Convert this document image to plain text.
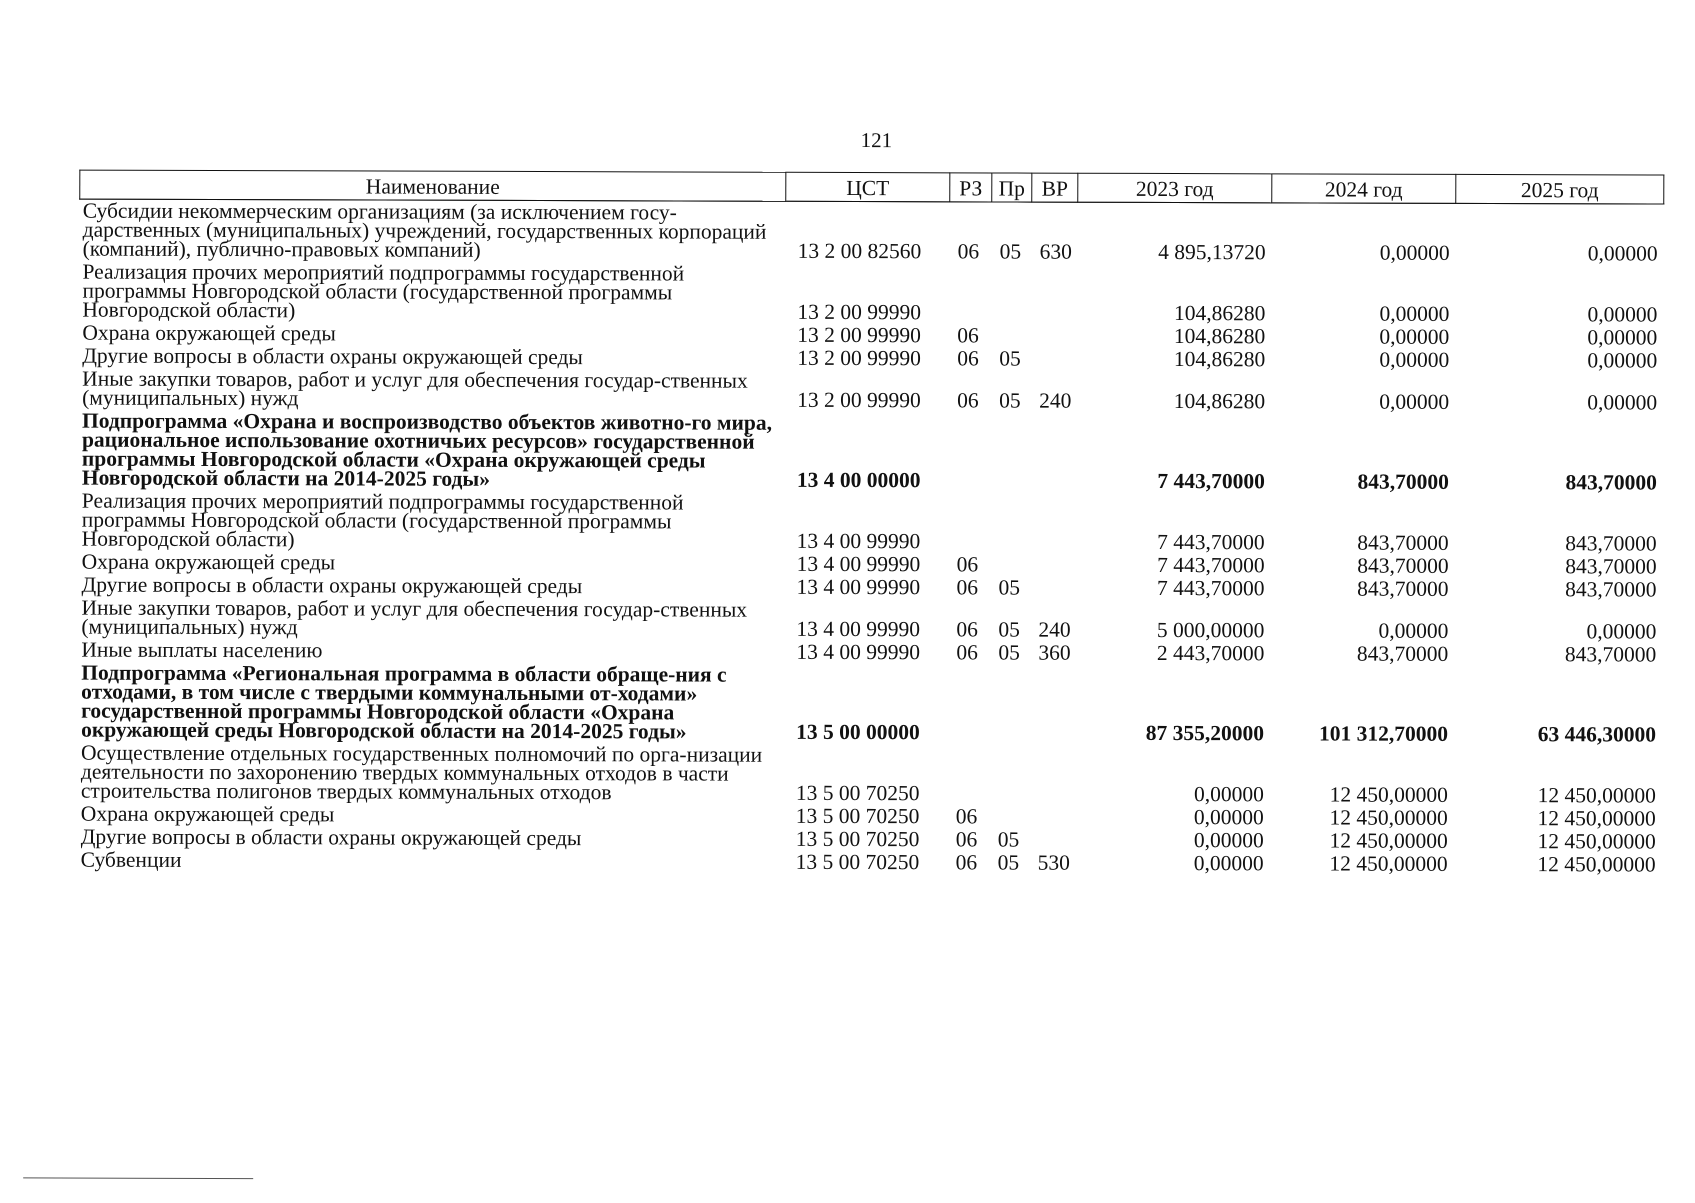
121
Наименование	ЦСТ	РЗ	Пр	ВР	2023 год	2024 год	2025 год
Субсидии некоммерческим организациям (за исключением госу-дарственных (муниципальных) учреждений, государственных корпораций (компаний), публично-правовых компаний)	13 2 00 82560	06	05	630	4 895,13720	0,00000	0,00000
Реализация прочих мероприятий подпрограммы государственной программы Новгородской области (государственной программы Новгородской области)	13 2 00 99990				104,86280	0,00000	0,00000
Охрана окружающей среды	13 2 00 99990	06			104,86280	0,00000	0,00000
Другие вопросы в области охраны окружающей среды	13 2 00 99990	06	05		104,86280	0,00000	0,00000
Иные закупки товаров, работ и услуг для обеспечения государ-ственных (муниципальных) нужд	13 2 00 99990	06	05	240	104,86280	0,00000	0,00000
Подпрограмма «Охрана и воспроизводство объектов животно-го мира, рациональное использование охотничьих ресурсов» государственной программы Новгородской области «Охрана окружающей среды Новгородской области на 2014-2025 годы»	13 4 00 00000				7 443,70000	843,70000	843,70000
Реализация прочих мероприятий подпрограммы государственной программы Новгородской области (государственной программы Новгородской области)	13 4 00 99990				7 443,70000	843,70000	843,70000
Охрана окружающей среды	13 4 00 99990	06			7 443,70000	843,70000	843,70000
Другие вопросы в области охраны окружающей среды	13 4 00 99990	06	05		7 443,70000	843,70000	843,70000
Иные закупки товаров, работ и услуг для обеспечения государ-ственных (муниципальных) нужд	13 4 00 99990	06	05	240	5 000,00000	0,00000	0,00000
Иные выплаты населению	13 4 00 99990	06	05	360	2 443,70000	843,70000	843,70000
Подпрограмма «Региональная программа в области обраще-ния с отходами, в том числе с твердыми коммунальными от-ходами» государственной программы Новгородской области «Охрана окружающей среды Новгородской области на 2014-2025 годы»	13 5 00 00000				87 355,20000	101 312,70000	63 446,30000
Осуществление отдельных государственных полномочий по орга-низации деятельности по захоронению твердых коммунальных отходов в части строительства полигонов твердых коммунальных отходов	13 5 00 70250				0,00000	12 450,00000	12 450,00000
Охрана окружающей среды	13 5 00 70250	06			0,00000	12 450,00000	12 450,00000
Другие вопросы в области охраны окружающей среды	13 5 00 70250	06	05		0,00000	12 450,00000	12 450,00000
Субвенции	13 5 00 70250	06	05	530	0,00000	12 450,00000	12 450,00000
